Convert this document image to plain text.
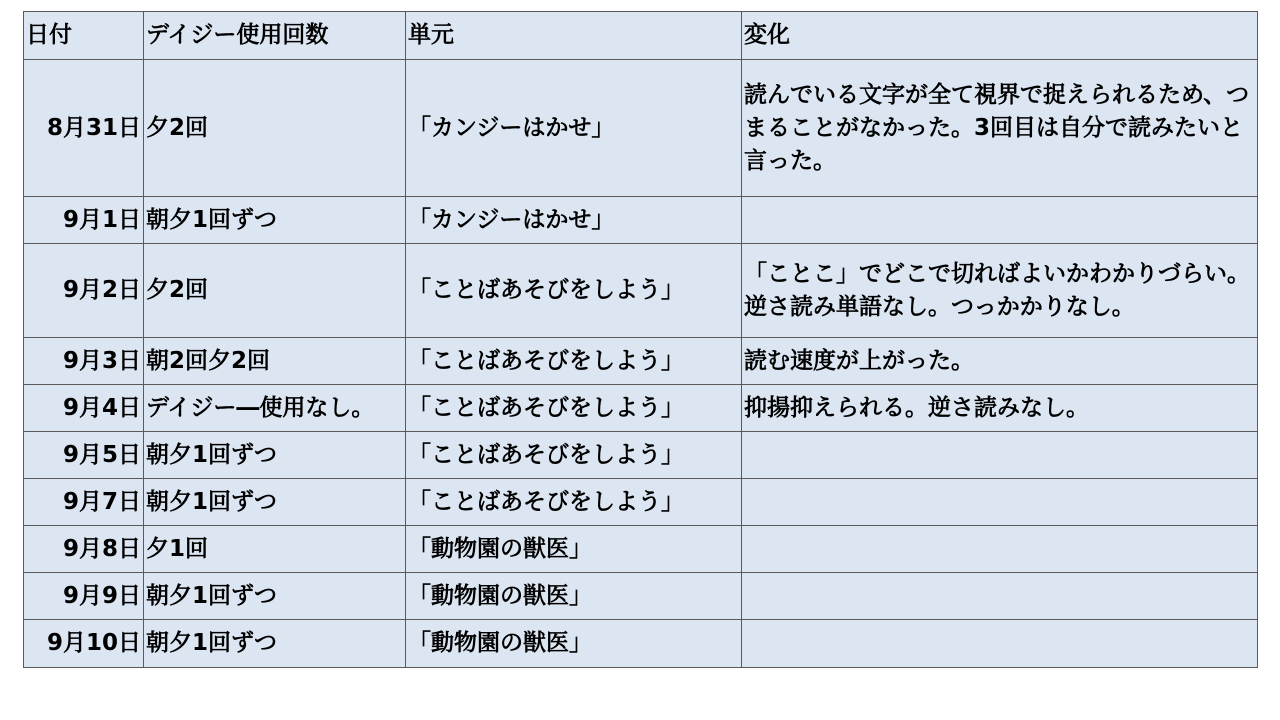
日付	デイジー使用回数	単元	変化
8月31日	夕2回	「カンジーはかせ」	読んでいる文字が全て視界で捉えられるため、つまることがなかった。3回目は自分で読みたいと言った。
9月1日	朝夕1回ずつ	「カンジーはかせ」	
9月2日	夕2回	「ことばあそびをしよう」	「ことこ」でどこで切ればよいかわかりづらい。逆さ読み単語なし。つっかかりなし。
9月3日	朝2回夕2回	「ことばあそびをしよう」	読む速度が上がった。
9月4日	デイジー―使用なし。	「ことばあそびをしよう」	抑揚抑えられる。逆さ読みなし。
9月5日	朝夕1回ずつ	「ことばあそびをしよう」	
9月7日	朝夕1回ずつ	「ことばあそびをしよう」	
9月8日	夕1回	「動物園の獣医」	
9月9日	朝夕1回ずつ	「動物園の獣医」	
9月10日	朝夕1回ずつ	「動物園の獣医」	
